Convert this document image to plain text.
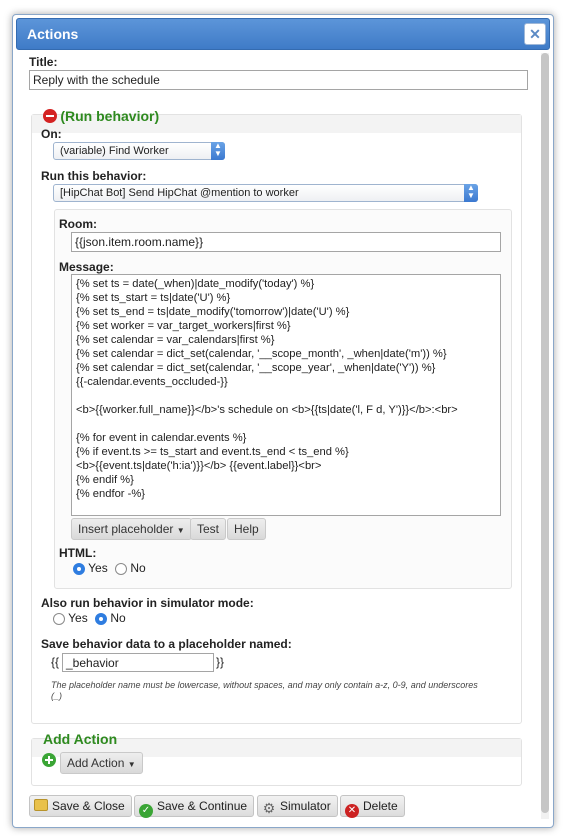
Actions	✕
Title:
Reply with the schedule
(Run behavior)
On:
(variable) Find Worker	▲
▼
Run this behavior:
[HipChat Bot] Send HipChat @mention to worker	▲
▼
Room:
{{json.item.room.name}}
Message:
{% set ts = date(_when)|date_modify('today') %}
{% set ts_start = ts|date('U') %}
{% set ts_end = ts|date_modify('tomorrow')|date('U') %}
{% set worker = var_target_workers|first %}
{% set calendar = var_calendars|first %}
{% set calendar = dict_set(calendar, '__scope_month', _when|date('m')) %}
{% set calendar = dict_set(calendar, '__scope_year', _when|date('Y')) %}
{{-calendar.events_occluded-}}
<b>{{worker.full_name}}</b>'s schedule on <b>{{ts|date('l, F d, Y')}}</b>:<br>
{% for event in calendar.events %}
{% if event.ts >= ts_start and event.ts_end < ts_end %}
<b>{{event.ts|date('h:ia')}}</b> {{event.label}}<br>
{% endif %}
{% endfor -%}
Insert placeholder ▼	Test	Help
HTML:
Yes No
Also run behavior in simulator mode:
Yes No
Save behavior data to a placeholder named:
{{ _behavior	}}
The placeholder name must be lowercase, without spaces, and may only contain a-z, 0-9, and underscores (_)
Add Action
Add Action ▼
Save & Close	✓ Save & Continue	⚙ Simulator	✕ Delete
